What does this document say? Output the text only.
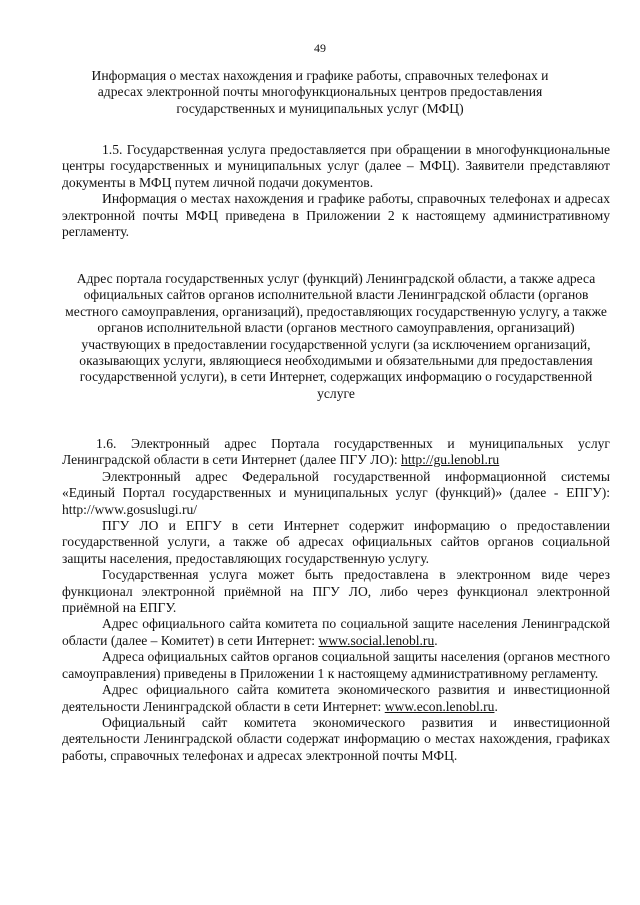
49
Информация о местах нахождения и графике работы, справочных телефонах и адресах электронной почты многофункциональных центров предоставления государственных и муниципальных услуг (МФЦ)

1.5. Государственная услуга предоставляется при обращении в многофункциональные центры государственных и муниципальных услуг (далее – МФЦ). Заявители представляют документы в МФЦ путем личной подачи документов.

Информация о местах нахождения и графике работы, справочных телефонах и адресах электронной почты МФЦ приведена в Приложении 2 к настоящему административному регламенту.

Адрес портала государственных услуг (функций) Ленинградской области, а также адреса официальных сайтов органов исполнительной власти Ленинградской области (органов местного самоуправления, организаций), предоставляющих государственную услугу, а также органов исполнительной власти (органов местного самоуправления, организаций) участвующих в предоставлении государственной услуги (за исключением организаций, оказывающих услуги, являющиеся необходимыми и обязательными для предоставления государственной услуги), в сети Интернет, содержащих информацию о государственной услуге

1.6. Электронный адрес Портала государственных и муниципальных услуг Ленинградской области в сети Интернет (далее ПГУ ЛО): http://gu.lenobl.ru

Электронный адрес Федеральной государственной информационной системы «Единый Портал государственных и муниципальных услуг (функций)» (далее - ЕПГУ): http://www.gosuslugi.ru/

ПГУ ЛО и ЕПГУ в сети Интернет содержит информацию о предоставлении государственной услуги, а также об адресах официальных сайтов органов социальной защиты населения, предоставляющих государственную услугу.

Государственная услуга может быть предоставлена в электронном виде через функционал электронной приёмной на ПГУ ЛО, либо через функционал электронной приёмной на ЕПГУ.

Адрес официального сайта комитета по социальной защите населения Ленинградской области (далее – Комитет) в сети Интернет: www.social.lenobl.ru.

Адреса официальных сайтов органов социальной защиты населения (органов местного самоуправления) приведены в Приложении 1 к настоящему административному регламенту.

Адрес официального сайта комитета экономического развития и инвестиционной деятельности Ленинградской области в сети Интернет: www.econ.lenobl.ru.

Официальный сайт комитета экономического развития и инвестиционной деятельности Ленинградской области содержат информацию о местах нахождения, графиках работы, справочных телефонах и адресах электронной почты МФЦ.
